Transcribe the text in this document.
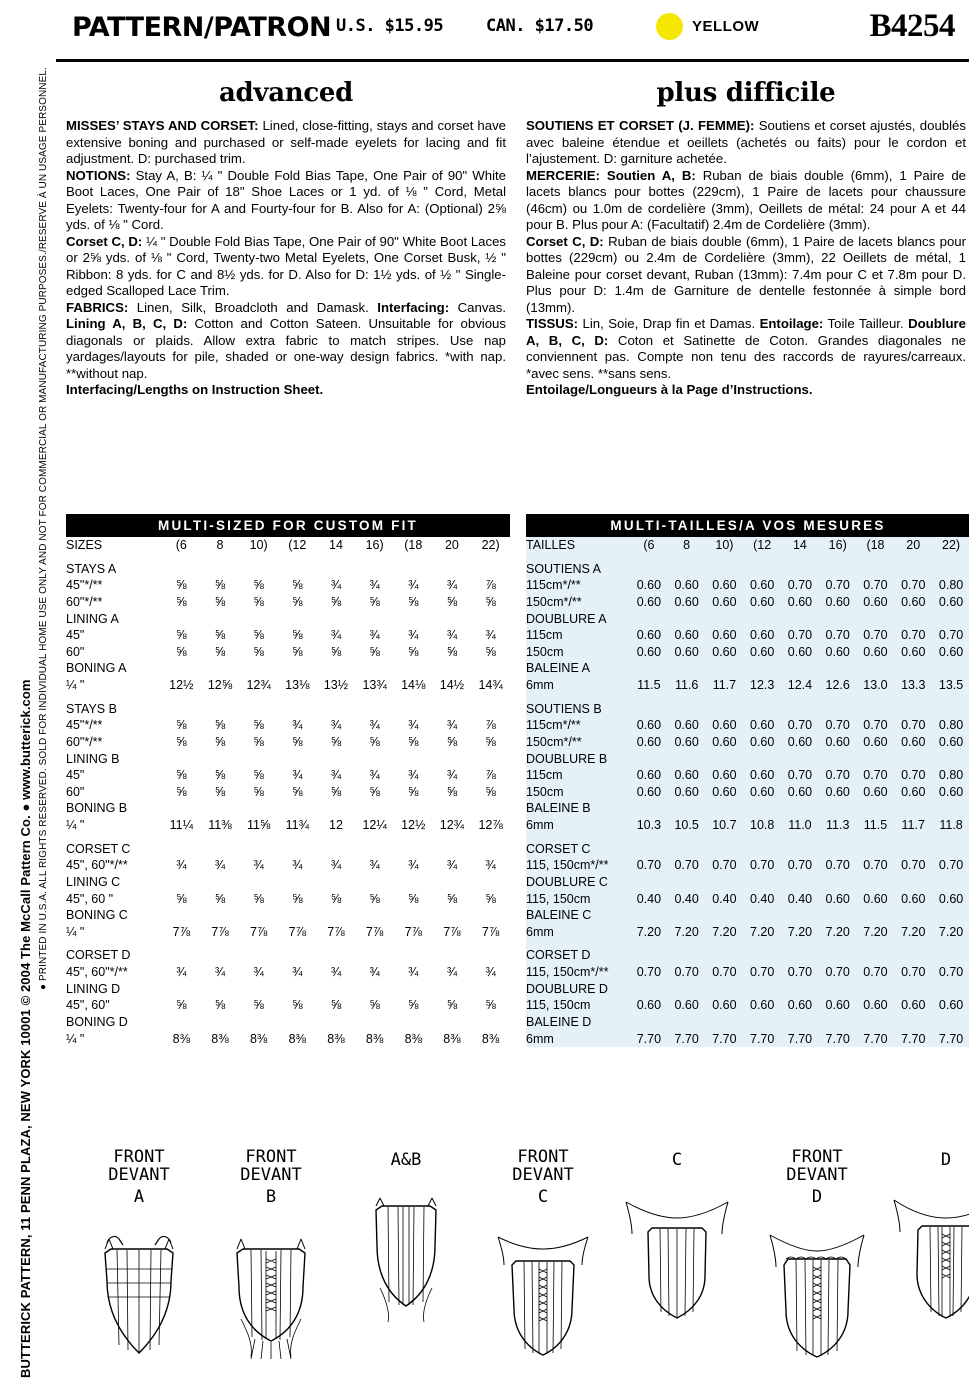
BUTTERICK PATTERN, 11 PENN PLAZA, NEW YORK 10001 © 2004 The McCall Pattern Co. ● www.butterick.com
● PRINTED IN U.S.A. ALL RIGHTS RESERVED. SOLD FOR INDIVIDUAL HOME USE ONLY AND NOT FOR COMMERCIAL OR MANUFACTURING PURPOSES./RESERVE À UN USAGE PERSONNEL.
PATTERN/PATRON U.S. $15.95	CAN. $17.50	YELLOW	B4254
advanced
MISSES’ STAYS AND CORSET: Lined, close-fitting, stays and corset have extensive boning and purchased or self-made eyelets for lacing and fit adjustment. D: purchased trim.
NOTIONS: Stay A, B: ¼ " Double Fold Bias Tape, One Pair of 90" White Boot Laces, One Pair of 18" Shoe Laces or 1 yd. of ⅛ " Cord, Metal Eyelets: Twenty-four for A and Fourty-four for B. Also for A: (Optional) 2⅝ yds. of ⅛ " Cord.
Corset C, D: ¼ " Double Fold Bias Tape, One Pair of 90" White Boot Laces or 2⅝ yds. of ⅛ " Cord, Twenty-two Metal Eyelets, One Corset Busk, ½ " Ribbon: 8 yds. for C and 8½ yds. for D. Also for D: 1½ yds. of ½ " Single-edged Scalloped Lace Trim.
FABRICS: Linen, Silk, Broadcloth and Damask. Interfacing: Canvas. Lining A, B, C, D: Cotton and Cotton Sateen. Unsuitable for obvious diagonals or plaids. Allow extra fabric to match stripes. Use nap yardages/layouts for pile, shaded or one-way design fabrics. *with nap. **without nap.
Interfacing/Lengths on Instruction Sheet.
plus difficile
SOUTIENS ET CORSET (J. FEMME): Soutiens et corset ajustés, doublés avec baleine étendue et oeillets (achetés ou faits) pour le cordon et l’ajustement. D: garniture achetée.
MERCERIE: Soutien A, B: Ruban de biais double (6mm), 1 Paire de lacets blancs pour bottes (229cm), 1 Paire de lacets pour chaussure (46cm) ou 1.0m de cordelière (3mm), Oeillets de métal: 24 pour A et 44 pour B. Plus pour A: (Facultatif) 2.4m de Cordelière (3mm).
Corset C, D: Ruban de biais double (6mm), 1 Paire de lacets blancs pour bottes (229cm) ou 2.4m de Cordelière (3mm), 22 Oeillets de métal, 1 Baleine pour corset devant, Ruban (13mm): 7.4m pour C et 7.8m pour D. Plus pour D: 1.4m de Garniture de dentelle festonnée à simple bord (13mm).
TISSUS: Lin, Soie, Drap fin et Damas. Entoilage: Toile Tailleur. Doublure A, B, C, D: Coton et Satinette de Coton. Grandes diagonales ne conviennent pas. Compte non tenu des raccords de rayures/carreaux. *avec sens. **sans sens.
Entoilage/Longueurs à la Page d’Instructions.
MULTI-SIZED FOR CUSTOM FIT
SIZES	(6	8	10)	(12	14	16)	(18	20	22)
STAYS A									
45"*/**	⅝	⅝	⅝	⅝	¾	¾	¾	¾	⅞
60"*/**	⅝	⅝	⅝	⅝	⅝	⅝	⅝	⅝	⅝
LINING A									
45"	⅝	⅝	⅝	⅝	¾	¾	¾	¾	¾
60"	⅝	⅝	⅝	⅝	⅝	⅝	⅝	⅝	⅝
BONING A									
¼ "	12½	12⅝	12¾	13⅛	13½	13¾	14⅛	14½	14¾
STAYS B									
45"*/**	⅝	⅝	⅝	¾	¾	¾	¾	¾	⅞
60"*/**	⅝	⅝	⅝	⅝	⅝	⅝	⅝	⅝	⅝
LINING B									
45"	⅝	⅝	⅝	¾	¾	¾	¾	¾	⅞
60"	⅝	⅝	⅝	⅝	⅝	⅝	⅝	⅝	⅝
BONING B									
¼ "	11¼	11⅜	11⅝	11¾	12	12¼	12½	12¾	12⅞
CORSET C									
45", 60"*/**	¾	¾	¾	¾	¾	¾	¾	¾	¾
LINING C									
45", 60 "	⅝	⅝	⅝	⅝	⅝	⅝	⅝	⅝	⅝
BONING C									
¼ "	7⅞	7⅞	7⅞	7⅞	7⅞	7⅞	7⅞	7⅞	7⅞
CORSET D									
45", 60"*/**	¾	¾	¾	¾	¾	¾	¾	¾	¾
LINING D									
45", 60"	⅝	⅝	⅝	⅝	⅝	⅝	⅝	⅝	⅝
BONING D									
¼ "	8⅜	8⅜	8⅜	8⅜	8⅜	8⅜	8⅜	8⅜	8⅜
MULTI-TAILLES/A VOS MESURES
TAILLES	(6	8	10)	(12	14	16)	(18	20	22)
SOUTIENS A									
115cm*/**	0.60	0.60	0.60	0.60	0.70	0.70	0.70	0.70	0.80
150cm*/**	0.60	0.60	0.60	0.60	0.60	0.60	0.60	0.60	0.60
DOUBLURE A									
115cm	0.60	0.60	0.60	0.60	0.70	0.70	0.70	0.70	0.70
150cm	0.60	0.60	0.60	0.60	0.60	0.60	0.60	0.60	0.60
BALEINE A									
6mm	11.5	11.6	11.7	12.3	12.4	12.6	13.0	13.3	13.5
SOUTIENS B									
115cm*/**	0.60	0.60	0.60	0.60	0.70	0.70	0.70	0.70	0.80
150cm*/**	0.60	0.60	0.60	0.60	0.60	0.60	0.60	0.60	0.60
DOUBLURE B									
115cm	0.60	0.60	0.60	0.60	0.70	0.70	0.70	0.70	0.80
150cm	0.60	0.60	0.60	0.60	0.60	0.60	0.60	0.60	0.60
BALEINE B									
6mm	10.3	10.5	10.7	10.8	11.0	11.3	11.5	11.7	11.8
CORSET C									
115, 150cm*/**	0.70	0.70	0.70	0.70	0.70	0.70	0.70	0.70	0.70
DOUBLURE C									
115, 150cm	0.40	0.40	0.40	0.40	0.40	0.60	0.60	0.60	0.60
BALEINE C									
6mm	7.20	7.20	7.20	7.20	7.20	7.20	7.20	7.20	7.20
CORSET D									
115, 150cm*/**	0.70	0.70	0.70	0.70	0.70	0.70	0.70	0.70	0.70
DOUBLURE D									
115, 150cm	0.60	0.60	0.60	0.60	0.60	0.60	0.60	0.60	0.60
BALEINE D									
6mm	7.70	7.70	7.70	7.70	7.70	7.70	7.70	7.70	7.70
FRONT
DEVANT
A
FRONT
DEVANT
B
A&B	FRONT
DEVANT
C
C	FRONT
DEVANT
D
D
